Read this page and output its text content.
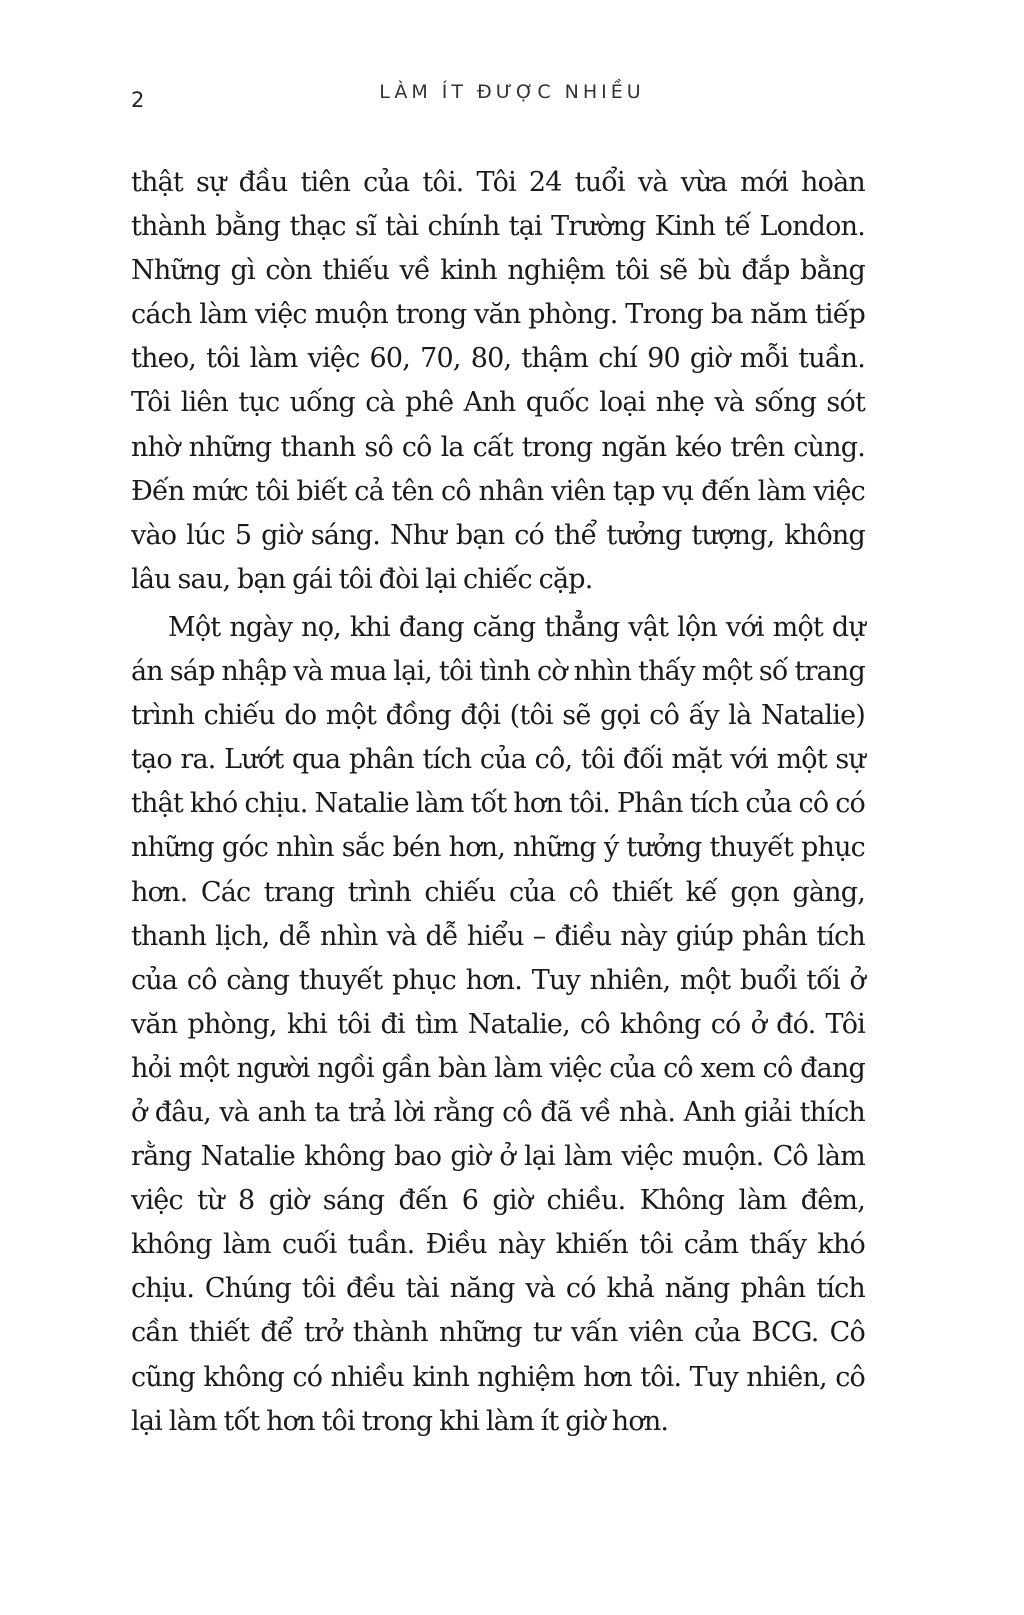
2	LÀM ÍT ĐƯỢC NHIỀU

thật sự đầu tiên của tôi. Tôi 24 tuổi và vừa mới hoàn thành bằng thạc sĩ tài chính tại Trường Kinh tế London. Những gì còn thiếu về kinh nghiệm tôi sẽ bù đắp bằng cách làm việc muộn trong văn phòng. Trong ba năm tiếp theo, tôi làm việc 60, 70, 80, thậm chí 90 giờ mỗi tuần. Tôi liên tục uống cà phê Anh quốc loại nhẹ và sống sót nhờ những thanh sô cô la cất trong ngăn kéo trên cùng. Đến mức tôi biết cả tên cô nhân viên tạp vụ đến làm việc vào lúc 5 giờ sáng. Như bạn có thể tưởng tượng, không lâu sau, bạn gái tôi đòi lại chiếc cặp.

Một ngày nọ, khi đang căng thẳng vật lộn với một dự án sáp nhập và mua lại, tôi tình cờ nhìn thấy một số trang trình chiếu do một đồng đội (tôi sẽ gọi cô ấy là Natalie) tạo ra. Lướt qua phân tích của cô, tôi đối mặt với một sự thật khó chịu. Natalie làm tốt hơn tôi. Phân tích của cô có những góc nhìn sắc bén hơn, những ý tưởng thuyết phục hơn. Các trang trình chiếu của cô thiết kế gọn gàng, thanh lịch, dễ nhìn và dễ hiểu – điều này giúp phân tích của cô càng thuyết phục hơn. Tuy nhiên, một buổi tối ở văn phòng, khi tôi đi tìm Natalie, cô không có ở đó. Tôi hỏi một người ngồi gần bàn làm việc của cô xem cô đang ở đâu, và anh ta trả lời rằng cô đã về nhà. Anh giải thích rằng Natalie không bao giờ ở lại làm việc muộn. Cô làm việc từ 8 giờ sáng đến 6 giờ chiều. Không làm đêm, không làm cuối tuần. Điều này khiến tôi cảm thấy khó chịu. Chúng tôi đều tài năng và có khả năng phân tích cần thiết để trở thành những tư vấn viên của BCG. Cô cũng không có nhiều kinh nghiệm hơn tôi. Tuy nhiên, cô lại làm tốt hơn tôi trong khi làm ít giờ hơn.
